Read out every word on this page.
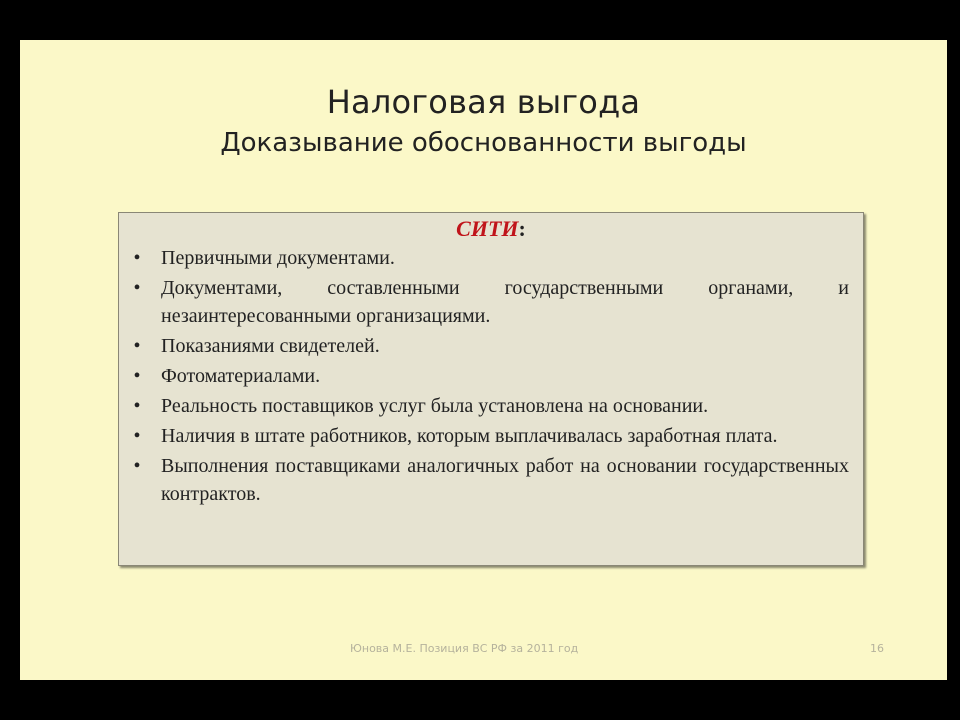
Налоговая выгода
Доказывание обоснованности выгоды
СИТИ:
•	Первичными документами.
•	Документами, составленными государственными органами, и незаинтересованными организациями.
•	Показаниями свидетелей.
•	Фотоматериалами.
•	Реальность поставщиков услуг была установлена на основании.
•	Наличия в штате работников, которым выплачивалась заработная плата.
•	Выполнения поставщиками аналогичных работ на основании государственных контрактов.
Юнова М.Е. Позиция ВС РФ за 2011 год	16
